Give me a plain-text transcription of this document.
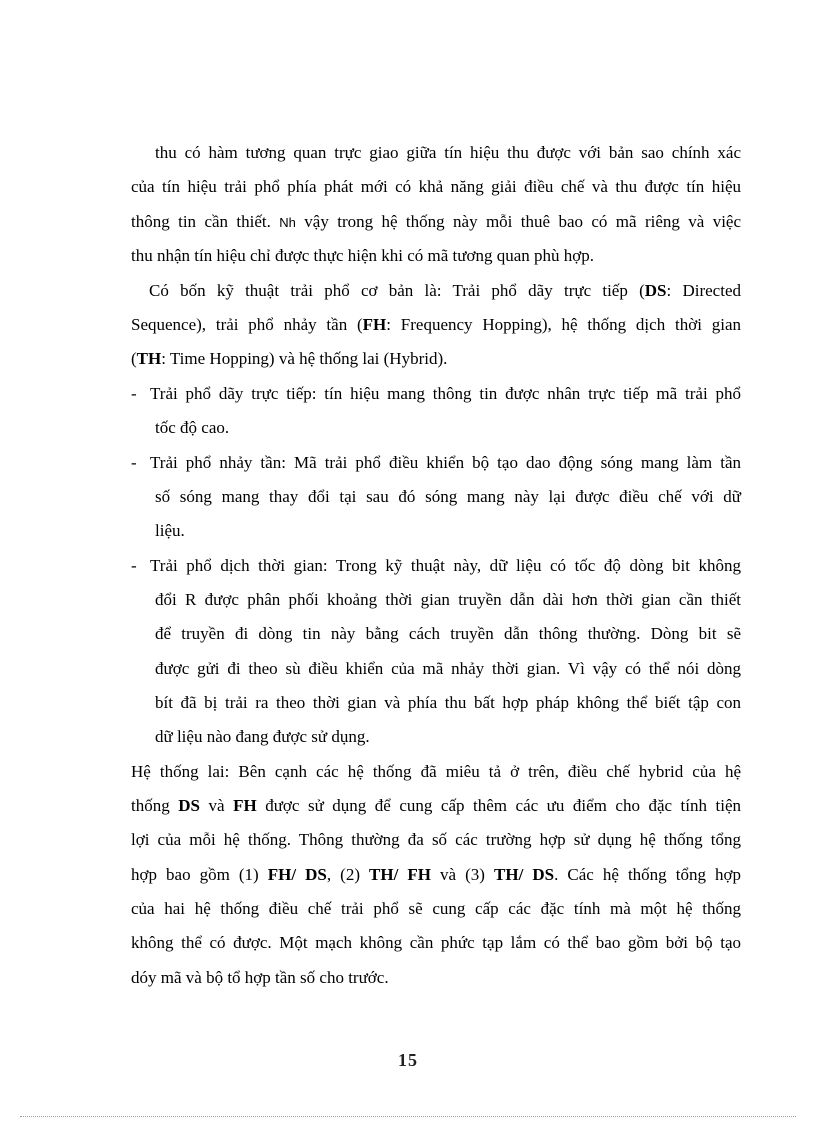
thu có hàm tương quan trực giao giữa tín hiệu thu được với bản sao chính xác
của tín hiệu trải phổ phía phát mới có khả năng giải điều chế và thu được tín hiệu
thông tin cần thiết. Nh vậy trong hệ thống này mỗi thuê bao có mã riêng và việc
thu nhận tín hiệu chỉ được thực hiện khi có mã tương quan phù hợp.
Có bốn kỹ thuật trải phổ cơ bản là: Trải phổ dãy trực tiếp (DS: Directed
Sequence), trải phổ nhảy tần (FH: Frequency Hopping), hệ thống dịch thời gian
(TH: Time Hopping) và hệ thống lai (Hybrid).
- Trải phổ dãy trực tiếp: tín hiệu mang thông tin được nhân trực tiếp mã trải phổ
tốc độ cao.
- Trải phổ nhảy tần: Mã trải phổ điều khiển bộ tạo dao động sóng mang làm tần
số sóng mang thay đổi tại sau đó sóng mang này lại được điều chế với dữ
liệu.
- Trải phổ dịch thời gian: Trong kỹ thuật này, dữ liệu có tốc độ dòng bit không
đổi R được phân phối khoảng thời gian truyền dẫn dài hơn thời gian cần thiết
để truyền đi dòng tin này bằng cách truyền dẫn thông thường. Dòng bit sẽ
được gửi đi theo sù điều khiển của mã nhảy thời gian. Vì vậy có thể nói dòng
bít đã bị trải ra theo thời gian và phía thu bất hợp pháp không thể biết tập con
dữ liệu nào đang được sử dụng.
Hệ thống lai: Bên cạnh các hệ thống đã miêu tả ở trên, điều chế hybrid của hệ
thống DS và FH được sử dụng để cung cấp thêm các ưu điểm cho đặc tính tiện
lợi của mỗi hệ thống. Thông thường đa số các trường hợp sử dụng hệ thống tổng
hợp bao gồm (1) FH/ DS, (2) TH/ FH và (3) TH/ DS. Các hệ thống tổng hợp
của hai hệ thống điều chế trải phổ sẽ cung cấp các đặc tính mà một hệ thống
không thể có được. Một mạch không cần phức tạp lắm có thể bao gồm bởi bộ tạo
dóy mã và bộ tổ hợp tần số cho trước.
15
